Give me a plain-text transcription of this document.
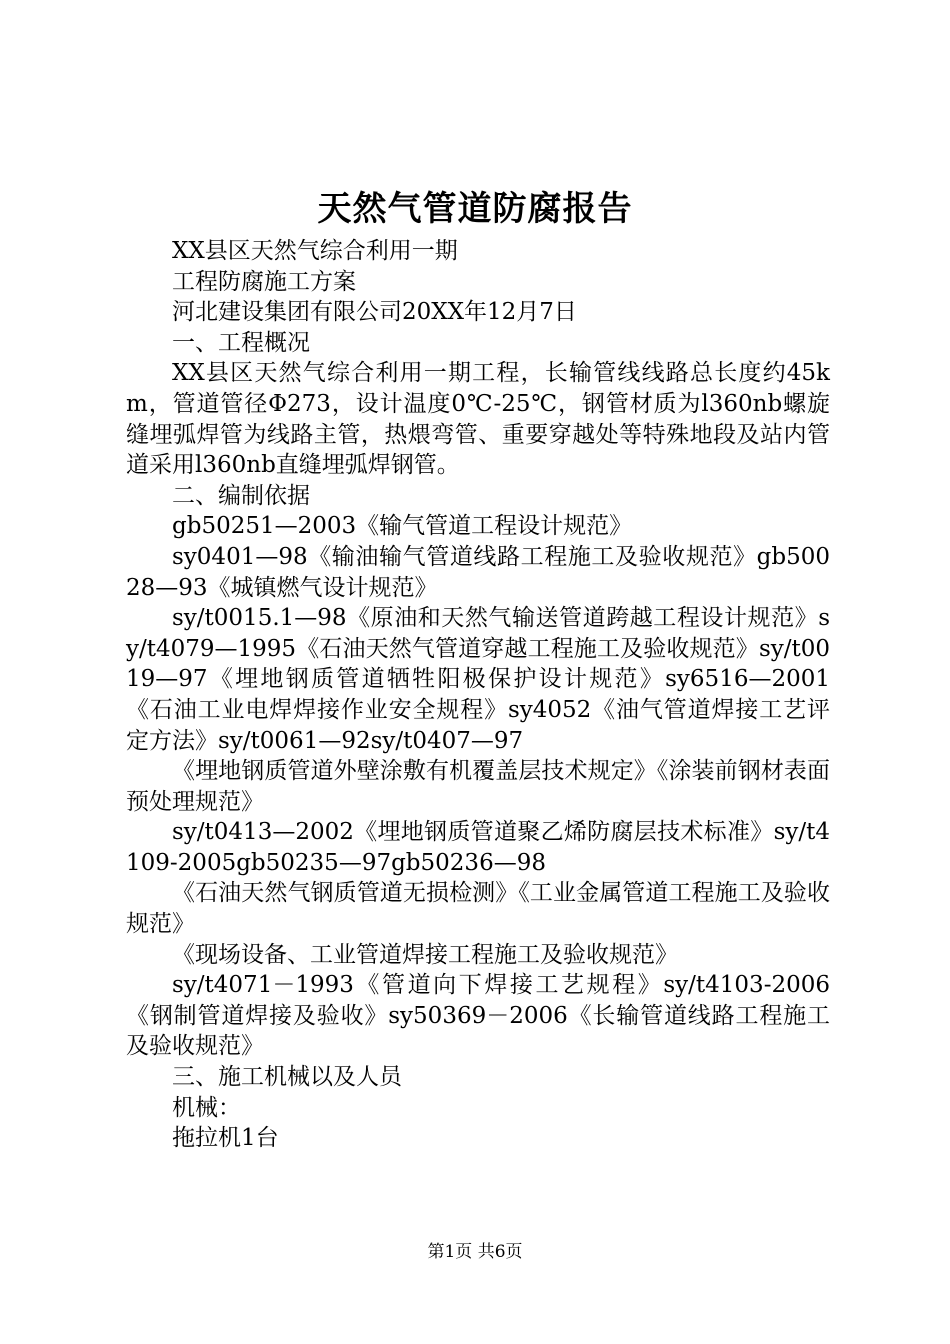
天然气管道防腐报告

XX县区天然气综合利用一期

工程防腐施工方案

河北建设集团有限公司20XX年12月7日

一、工程概况

XX县区天然气综合利用一期工程，长输管线线路总长度约45km，管道管径Φ273，设计温度0℃-25℃，钢管材质为l360nb螺旋缝埋弧焊管为线路主管，热煨弯管、重要穿越处等特殊地段及站内管道采用l360nb直缝埋弧焊钢管。

二、编制依据

gb50251—2003《输气管道工程设计规范》

sy0401—98《输油输气管道线路工程施工及验收规范》gb50028—93《城镇燃气设计规范》

sy/t0015.1—98《原油和天然气输送管道跨越工程设计规范》sy/t4079—1995《石油天然气管道穿越工程施工及验收规范》sy/t0019—97《埋地钢质管道牺牲阳极保护设计规范》sy6516—2001《石油工业电焊焊接作业安全规程》sy4052《油气管道焊接工艺评定方法》sy/t0061—92sy/t0407—97

《埋地钢质管道外壁涂敷有机覆盖层技术规定》《涂装前钢材表面预处理规范》

sy/t0413—2002《埋地钢质管道聚乙烯防腐层技术标准》sy/t4109-2005gb50235—97gb50236—98

《石油天然气钢质管道无损检测》《工业金属管道工程施工及验收规范》

《现场设备、工业管道焊接工程施工及验收规范》

sy/t4071－1993《管道向下焊接工艺规程》sy/t4103-2006《钢制管道焊接及验收》sy50369－2006《长输管道线路工程施工及验收规范》

三、施工机械以及人员

机械：

拖拉机1台

第1页 共6页
